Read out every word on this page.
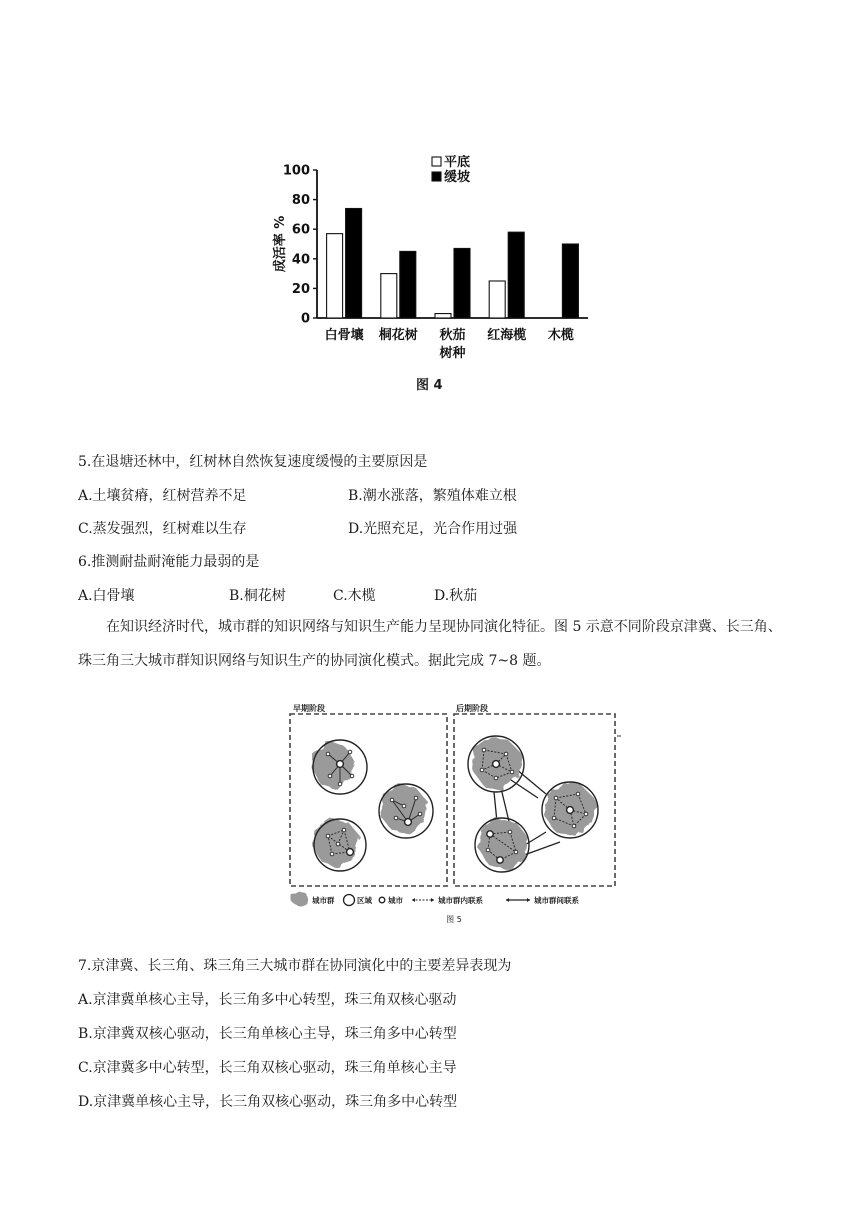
0
20
40
60
80
100
成活率 %
白骨壤 桐花树 秋茄 红海榄 木榄
树种
平底
缓坡
图 4
5.在退塘还林中，红树林自然恢复速度缓慢的主要原因是
A.土壤贫瘠，红树营养不足	B.潮水涨落，繁殖体难立根
C.蒸发强烈，红树难以生存	D.光照充足，光合作用过强
6.推测耐盐耐淹能力最弱的是
A.白骨壤	B.桐花树	C.木榄	D.秋茄
在知识经济时代，城市群的知识网络与知识生产能力呈现协同演化特征。图 5 示意不同阶段京津冀、长三角、珠三角三大城市群知识网络与知识生产的协同演化模式。据此完成 7~8 题。
早期阶段	后期阶段
城市群	区域 城市	城市群内联系	城市群间联系
图 5
7.京津冀、长三角、珠三角三大城市群在协同演化中的主要差异表现为
A.京津冀单核心主导，长三角多中心转型，珠三角双核心驱动
B.京津冀双核心驱动，长三角单核心主导，珠三角多中心转型
C.京津冀多中心转型，长三角双核心驱动，珠三角单核心主导
D.京津冀单核心主导，长三角双核心驱动，珠三角多中心转型
